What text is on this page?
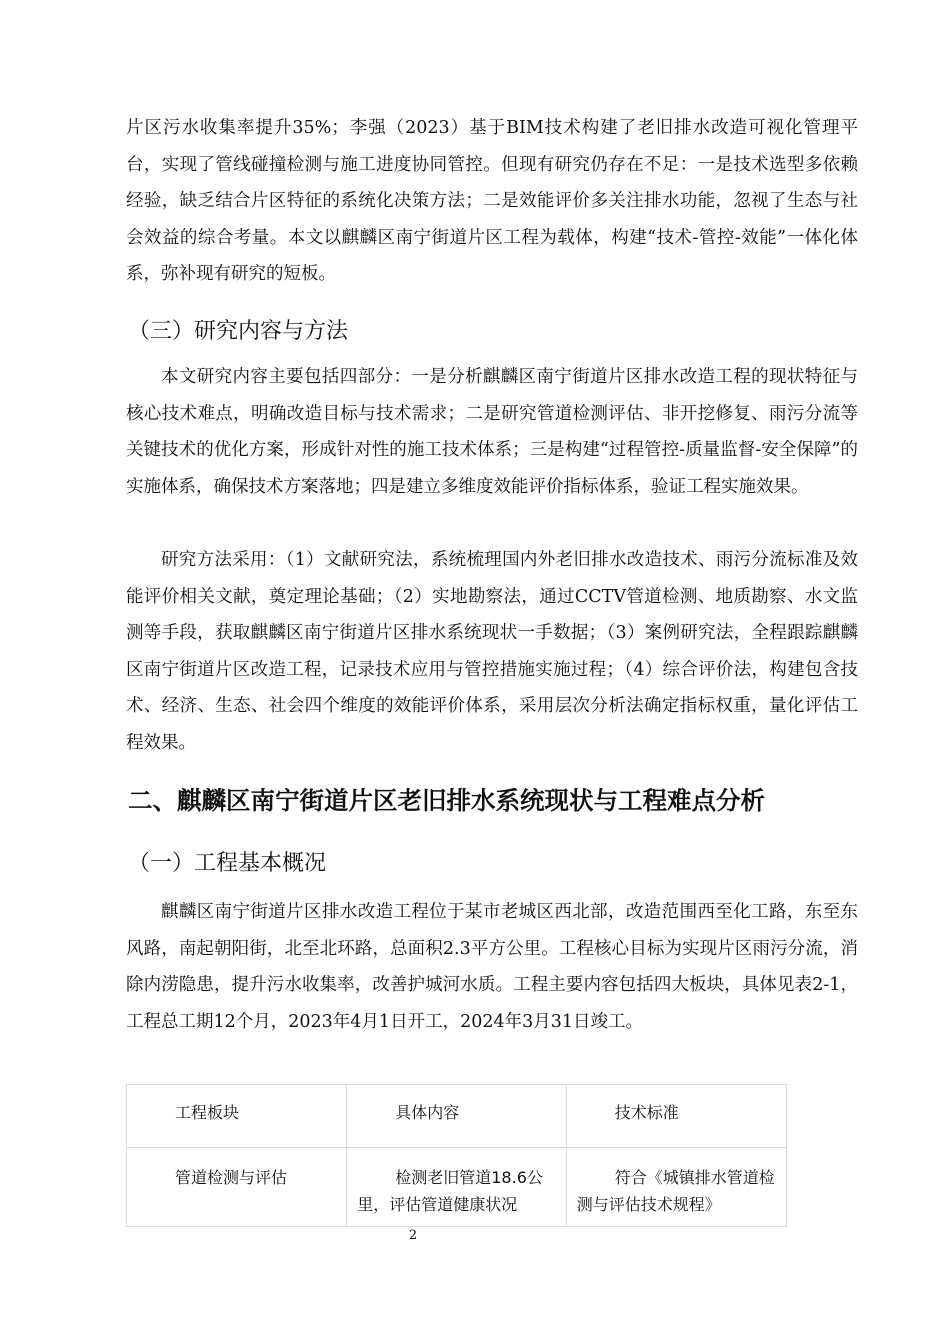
片区污水收集率提升35%；李强（2023）基于BIM技术构建了老旧排水改造可视化管理平台，实现了管线碰撞检测与施工进度协同管控。但现有研究仍存在不足：一是技术选型多依赖经验，缺乏结合片区特征的系统化决策方法；二是效能评价多关注排水功能，忽视了生态与社会效益的综合考量。本文以麒麟区南宁街道片区工程为载体，构建“技术-管控-效能”一体化体系，弥补现有研究的短板。

（三）研究内容与方法

本文研究内容主要包括四部分：一是分析麒麟区南宁街道片区排水改造工程的现状特征与核心技术难点，明确改造目标与技术需求；二是研究管道检测评估、非开挖修复、雨污分流等关键技术的优化方案，形成针对性的施工技术体系；三是构建“过程管控-质量监督-安全保障”的实施体系，确保技术方案落地；四是建立多维度效能评价指标体系，验证工程实施效果。

研究方法采用：（1）文献研究法，系统梳理国内外老旧排水改造技术、雨污分流标准及效能评价相关文献，奠定理论基础；（2）实地勘察法，通过CCTV管道检测、地质勘察、水文监测等手段，获取麒麟区南宁街道片区排水系统现状一手数据；（3）案例研究法，全程跟踪麒麟区南宁街道片区改造工程，记录技术应用与管控措施实施过程；（4）综合评价法，构建包含技术、经济、生态、社会四个维度的效能评价体系，采用层次分析法确定指标权重，量化评估工程效果。

二、麒麟区南宁街道片区老旧排水系统现状与工程难点分析
（一）工程基本概况

麒麟区南宁街道片区排水改造工程位于某市老城区西北部，改造范围西至化工路，东至东风路，南起朝阳街，北至北环路，总面积2.3平方公里。工程核心目标为实现片区雨污分流，消除内涝隐患，提升污水收集率，改善护城河水质。工程主要内容包括四大板块，具体见表2-1，工程总工期12个月，2023年4月1日开工，2024年3月31日竣工。

工程板块	具体内容	技术标准
管道检测与评估	检测老旧管道18.6公里，评估管道健康状况	符合《城镇排水管道检测与评估技术规程》
2
